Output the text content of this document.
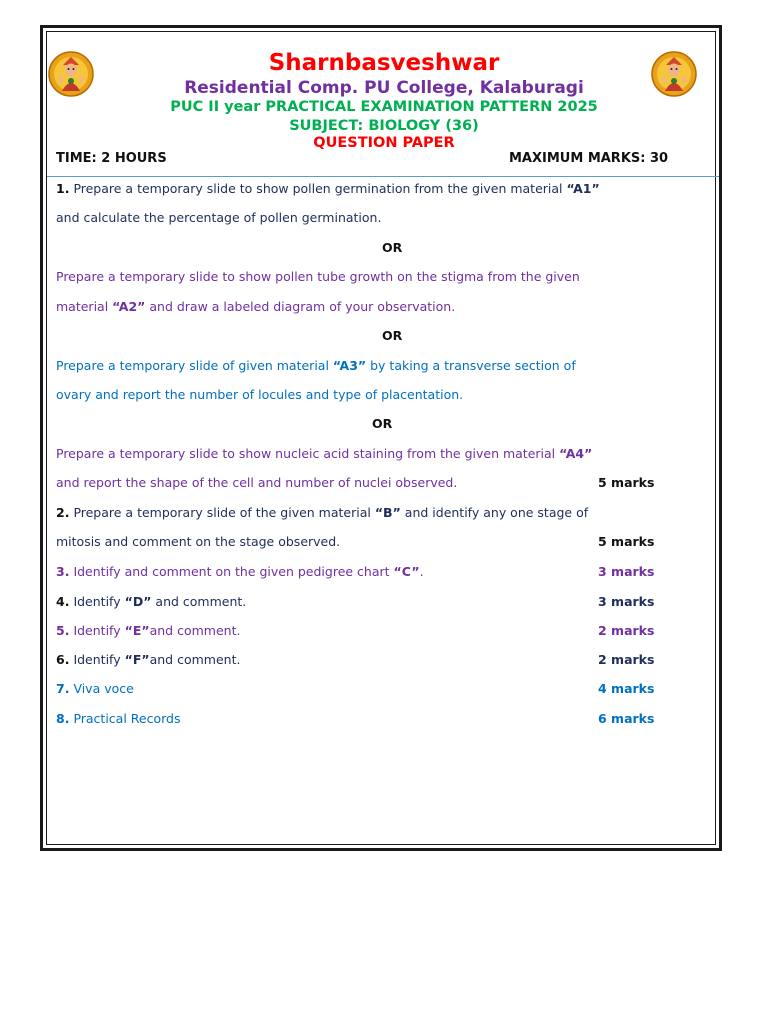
Sharnbasveshwar
Residential Comp. PU College, Kalaburagi
PUC II year PRACTICAL EXAMINATION PATTERN 2025
SUBJECT: BIOLOGY (36)
QUESTION PAPER
TIME: 2 HOURS	MAXIMUM MARKS: 30
1. Prepare a temporary slide to show pollen germination from the given material “A1”
and calculate the percentage of pollen germination.
OR
Prepare a temporary slide to show pollen tube growth on the stigma from the given
material “A2” and draw a labeled diagram of your observation.
OR
Prepare a temporary slide of given material “A3” by taking a transverse section of
ovary and report the number of locules and type of placentation.
OR
Prepare a temporary slide to show nucleic acid staining from the given material “A4”
and report the shape of the cell and number of nuclei observed.	5 marks
2. Prepare a temporary slide of the given material “B” and identify any one stage of
mitosis and comment on the stage observed.	5 marks
3. Identify and comment on the given pedigree chart “C”.	3 marks
4. Identify “D” and comment.	3 marks
5. Identify “E”and comment.	2 marks
6. Identify “F”and comment.	2 marks
7. Viva voce	4 marks
8. Practical Records	6 marks
